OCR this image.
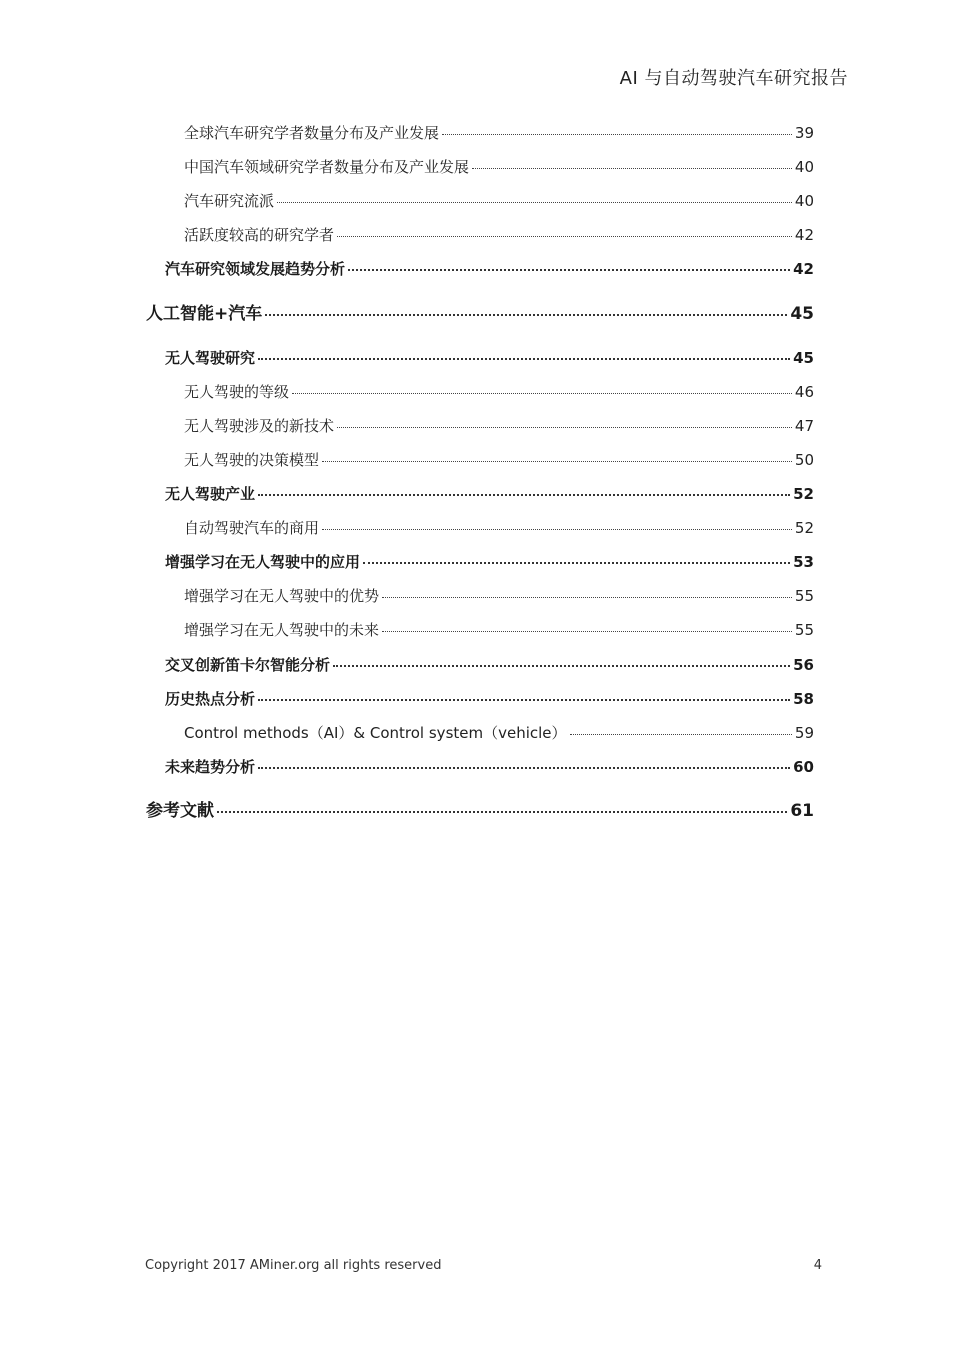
AI 与自动驾驶汽车研究报告
全球汽车研究学者数量分布及产业发展	39
中国汽车领域研究学者数量分布及产业发展	40
汽车研究流派	40
活跃度较高的研究学者	42
汽车研究领域发展趋势分析	42
人工智能+汽车	45
无人驾驶研究	45
无人驾驶的等级	46
无人驾驶涉及的新技术	47
无人驾驶的决策模型	50
无人驾驶产业	52
自动驾驶汽车的商用	52
增强学习在无人驾驶中的应用	53
增强学习在无人驾驶中的优势	55
增强学习在无人驾驶中的未来	55
交叉创新笛卡尔智能分析	56
历史热点分析	58
Control methods（AI）& Control system（vehicle）	59
未来趋势分析	60
参考文献	61
Copyright 2017 AMiner.org all rights reserved	4
